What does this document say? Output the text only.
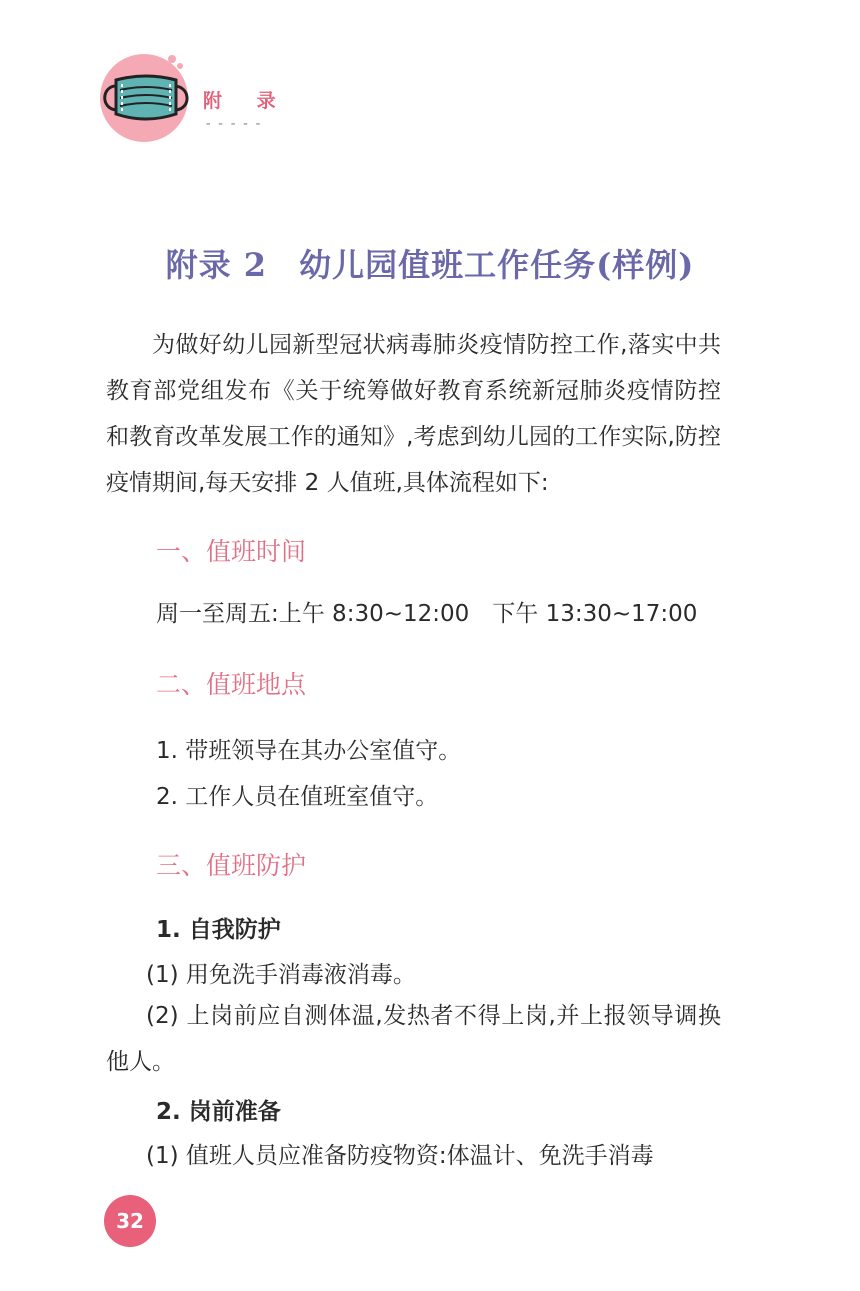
附 录
-----
附录 2 幼儿园值班工作任务(样例)
为做好幼儿园新型冠状病毒肺炎疫情防控工作,落实中共教育部党组发布《关于统筹做好教育系统新冠肺炎疫情防控和教育改革发展工作的通知》,考虑到幼儿园的工作实际,防控疫情期间,每天安排 2 人值班,具体流程如下:
一、值班时间
周一至周五:上午 8:30~12:00　下午 13:30~17:00
二、值班地点
1. 带班领导在其办公室值守。
2. 工作人员在值班室值守。
三、值班防护
1. 自我防护
(1) 用免洗手消毒液消毒。
(2) 上岗前应自测体温,发热者不得上岗,并上报领导调换他人。
2. 岗前准备
(1) 值班人员应准备防疫物资:体温计、免洗手消毒
32
